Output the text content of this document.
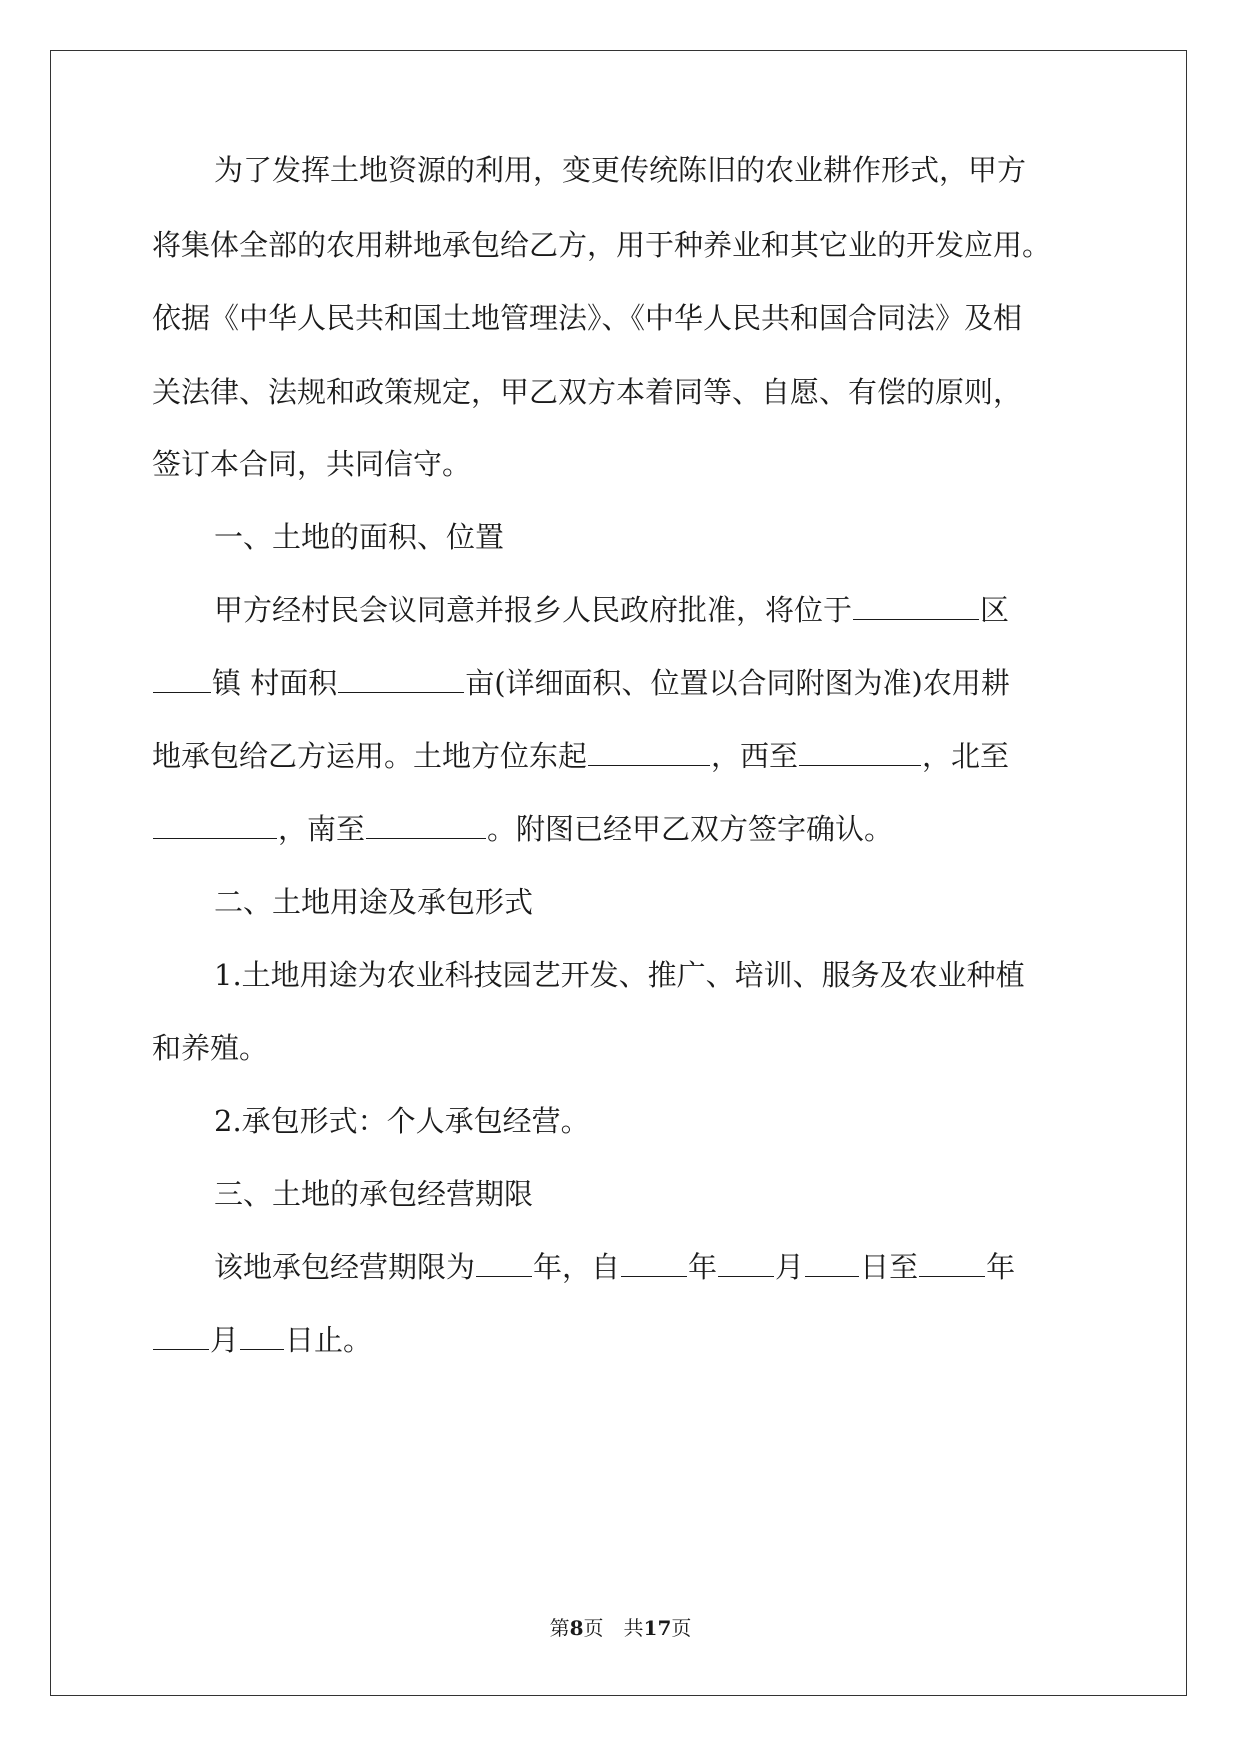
为了发挥土地资源的利用，变更传统陈旧的农业耕作形式，甲方
将集体全部的农用耕地承包给乙方，用于种养业和其它业的开发应用。
依据《中华人民共和国土地管理法》、《中华人民共和国合同法》及相
关法律、法规和政策规定，甲乙双方本着同等、自愿、有偿的原则，
签订本合同，共同信守。
一、土地的面积、位置
甲方经村民会议同意并报乡人民政府批准，将位于	区
镇 村面积	亩(详细面积、位置以合同附图为准)农用耕
地承包给乙方运用。土地方位东起	，西至	，北至
，南至	。附图已经甲乙双方签字确认。
二、土地用途及承包形式
1.土地用途为农业科技园艺开发、推广、培训、服务及农业种植
和养殖。
2.承包形式：个人承包经营。
三、土地的承包经营期限
该地承包经营期限为 年，自 年 月 日至 年
月 日止。
第8页　共17页
